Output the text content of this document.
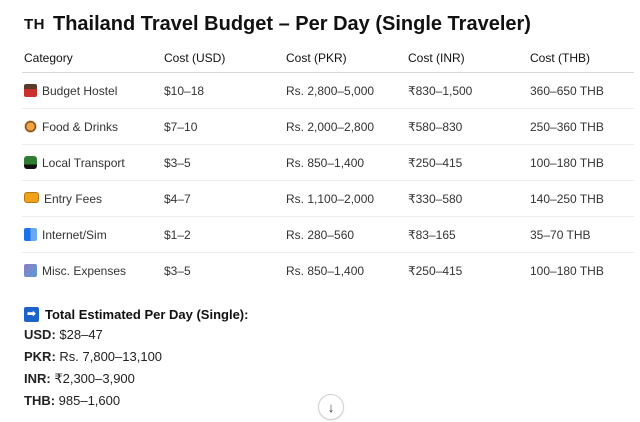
TH Thailand Travel Budget – Per Day (Single Traveler)
Category	Cost (USD)	Cost (PKR)	Cost (INR)	Cost (THB)
Budget Hostel	$10–18	Rs. 2,800–5,000	₹830–1,500	360–650 THB
Food & Drinks	$7–10	Rs. 2,000–2,800	₹580–830	250–360 THB
Local Transport	$3–5	Rs. 850–1,400	₹250–415	100–180 THB
Entry Fees	$4–7	Rs. 1,100–2,000	₹330–580	140–250 THB
Internet/Sim	$1–2	Rs. 280–560	₹83–165	35–70 THB
Misc. Expenses	$3–5	Rs. 850–1,400	₹250–415	100–180 THB
➡ Total Estimated Per Day (Single):
USD: $28–47
PKR: Rs. 7,800–13,100
INR: ₹2,300–3,900
THB: 985–1,600	↓
